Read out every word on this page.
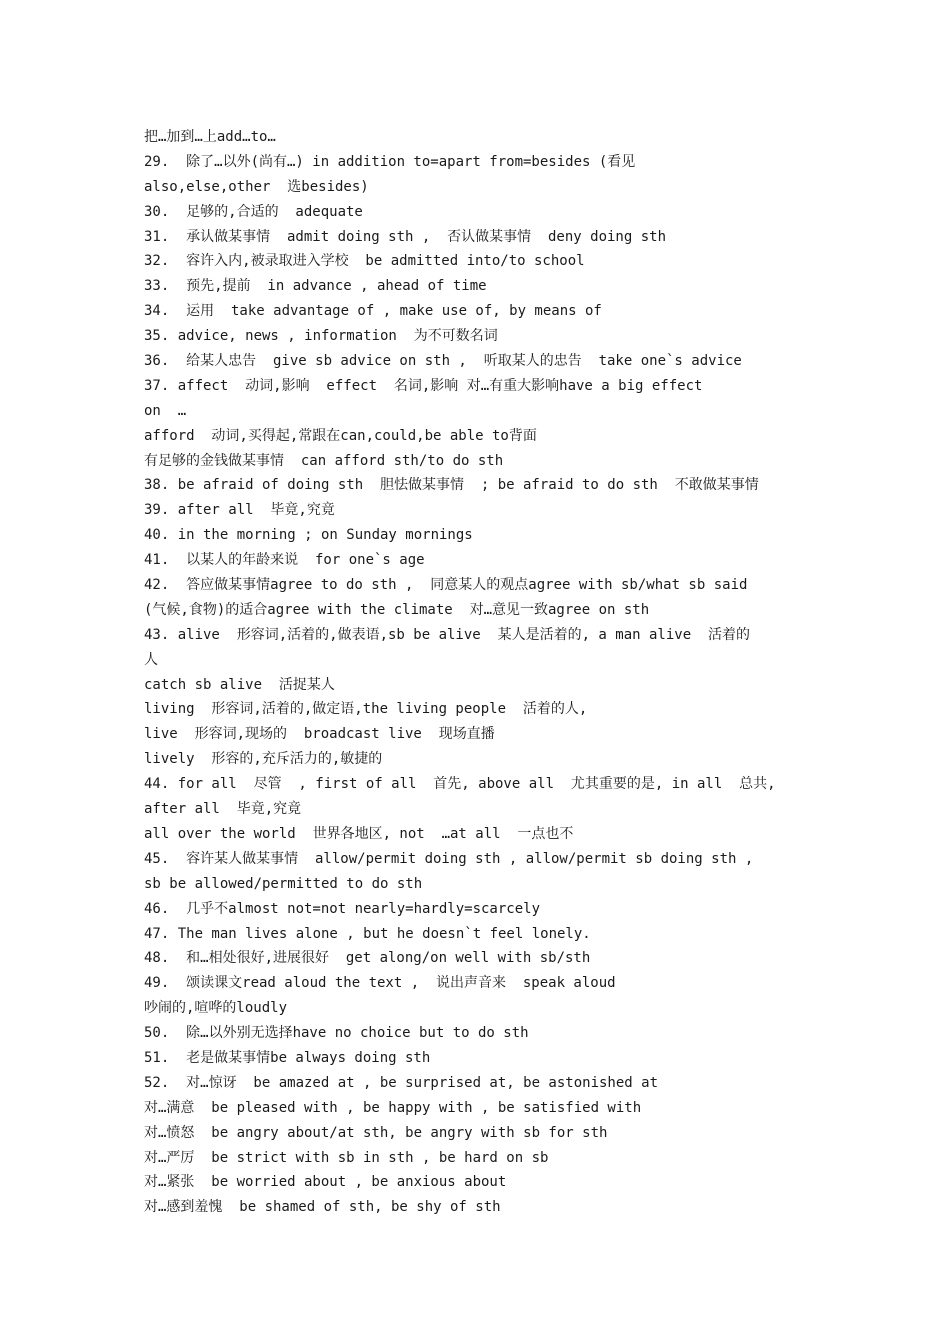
把…加到…上add…to…
29.  除了…以外(尚有…) in addition to=apart from=besides (看见
also,else,other  选besides)
30.  足够的,合适的  adequate
31.  承认做某事情  admit doing sth ,  否认做某事情  deny doing sth
32.  容许入内,被录取进入学校  be admitted into/to school
33.  预先,提前  in advance , ahead of time
34.  运用  take advantage of , make use of, by means of
35. advice, news , information  为不可数名词
36.  给某人忠告  give sb advice on sth ,  听取某人的忠告  take one`s advice
37. affect  动词,影响  effect  名词,影响 对…有重大影响have a big effect
on  …
afford  动词,买得起,常跟在can,could,be able to背面
有足够的金钱做某事情  can afford sth/to do sth
38. be afraid of doing sth  胆怯做某事情  ; be afraid to do sth  不敢做某事情
39. after all  毕竟,究竟
40. in the morning ; on Sunday mornings
41.  以某人的年龄来说  for one`s age
42.  答应做某事情agree to do sth ,  同意某人的观点agree with sb/what sb said
(气候,食物)的适合agree with the climate  对…意见一致agree on sth
43. alive  形容词,活着的,做表语,sb be alive  某人是活着的, a man alive  活着的
人
catch sb alive  活捉某人
living  形容词,活着的,做定语,the living people  活着的人,
live  形容词,现场的  broadcast live  现场直播
lively  形容的,充斥活力的,敏捷的
44. for all  尽管  , first of all  首先, above all  尤其重要的是, in all  总共,
after all  毕竟,究竟
all over the world  世界各地区, not  …at all  一点也不
45.  容许某人做某事情  allow/permit doing sth , allow/permit sb doing sth ,
sb be allowed/permitted to do sth
46.  几乎不almost not=not nearly=hardly=scarcely
47. The man lives alone , but he doesn`t feel lonely.
48.  和…相处很好,进展很好  get along/on well with sb/sth
49.  颂读课文read aloud the text ,  说出声音来  speak aloud
吵闹的,喧哗的loudly
50.  除…以外别无选择have no choice but to do sth
51.  老是做某事情be always doing sth
52.  对…惊讶  be amazed at , be surprised at, be astonished at
对…满意  be pleased with , be happy with , be satisfied with
对…愤怒  be angry about/at sth, be angry with sb for sth
对…严厉  be strict with sb in sth , be hard on sb
对…紧张  be worried about , be anxious about
对…感到羞愧  be shamed of sth, be shy of sth
